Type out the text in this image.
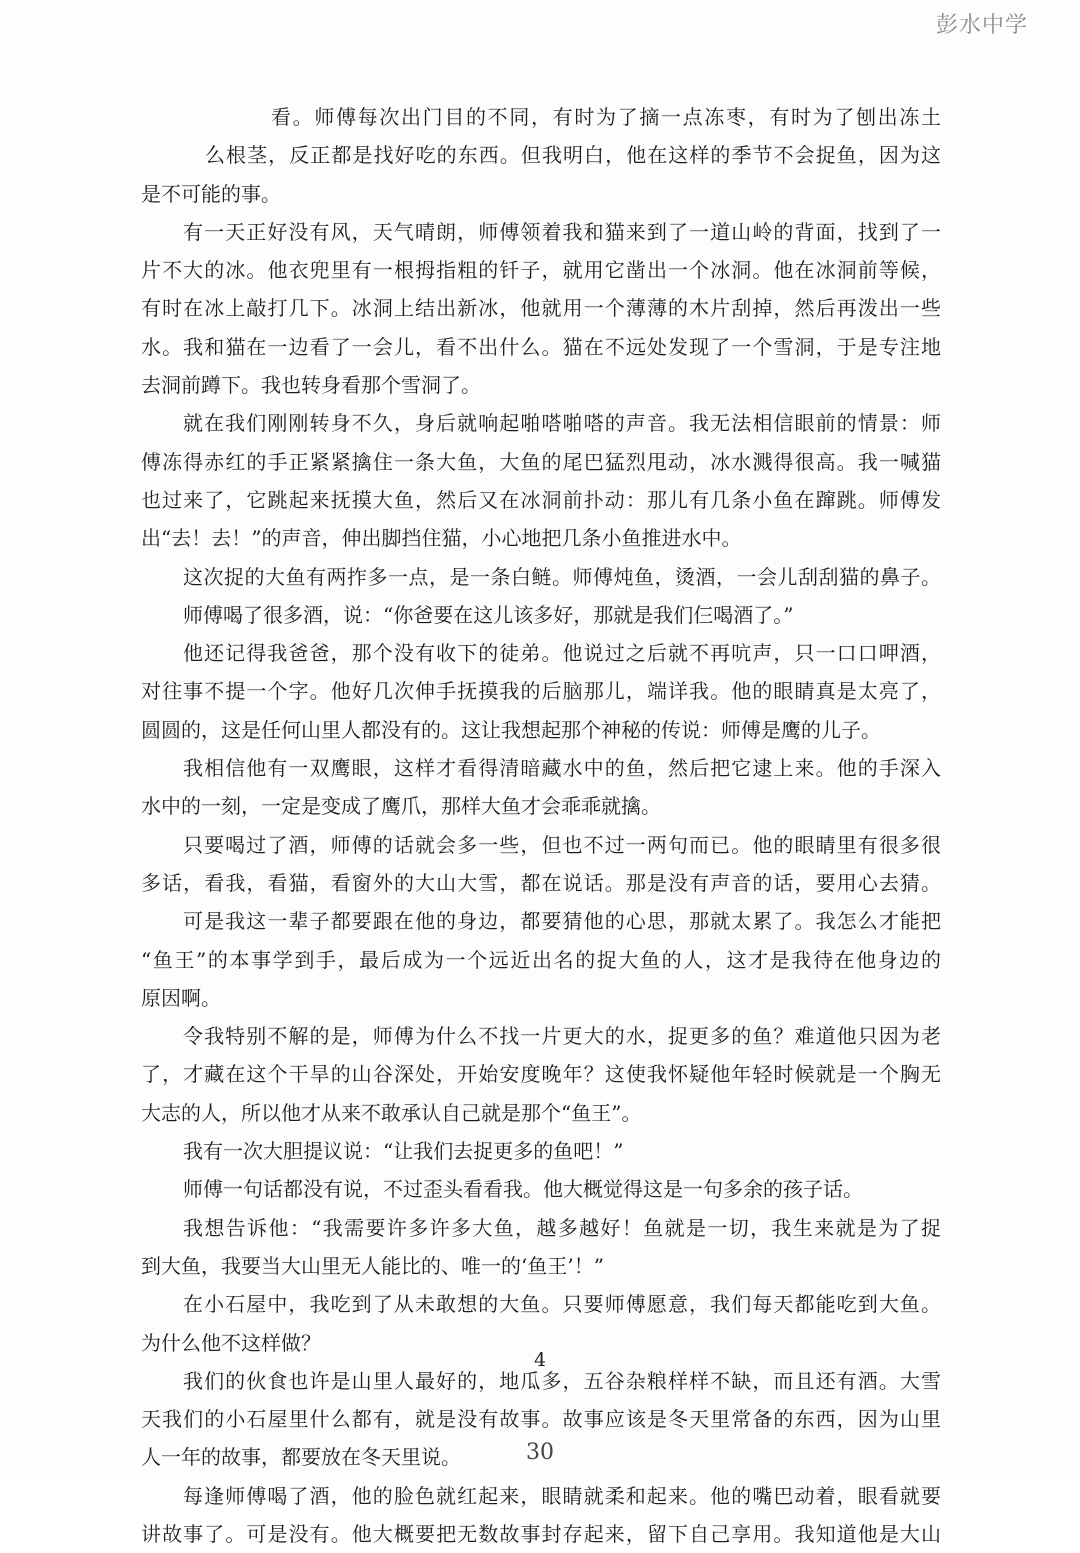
彭水中学
看。师傅每次出门目的不同，有时为了摘一点冻枣，有时为了刨出冻土
么根茎，反正都是找好吃的东西。但我明白，他在这样的季节不会捉鱼，因为这
是不可能的事。
有一天正好没有风，天气晴朗，师傅领着我和猫来到了一道山岭的背面，找到了一
片不大的冰。他衣兜里有一根拇指粗的钎子，就用它凿出一个冰洞。他在冰洞前等候，
有时在冰上敲打几下。冰洞上结出新冰，他就用一个薄薄的木片刮掉，然后再泼出一些
水。我和猫在一边看了一会儿，看不出什么。猫在不远处发现了一个雪洞，于是专注地
去洞前蹲下。我也转身看那个雪洞了。
就在我们刚刚转身不久，身后就响起啪嗒啪嗒的声音。我无法相信眼前的情景：师
傅冻得赤红的手正紧紧擒住一条大鱼，大鱼的尾巴猛烈甩动，冰水溅得很高。我一喊猫
也过来了，它跳起来抚摸大鱼，然后又在冰洞前扑动：那儿有几条小鱼在蹿跳。师傅发
出“去！去！”的声音，伸出脚挡住猫，小心地把几条小鱼推进水中。
这次捉的大鱼有两拃多一点，是一条白鲢。师傅炖鱼，烫酒，一会儿刮刮猫的鼻子。
师傅喝了很多酒，说：“你爸要在这儿该多好，那就是我们仨喝酒了。”
他还记得我爸爸，那个没有收下的徒弟。他说过之后就不再吭声，只一口口呷酒，
对往事不提一个字。他好几次伸手抚摸我的后脑那儿，端详我。他的眼睛真是太亮了，
圆圆的，这是任何山里人都没有的。这让我想起那个神秘的传说：师傅是鹰的儿子。
我相信他有一双鹰眼，这样才看得清暗藏水中的鱼，然后把它逮上来。他的手深入
水中的一刻，一定是变成了鹰爪，那样大鱼才会乖乖就擒。
只要喝过了酒，师傅的话就会多一些，但也不过一两句而已。他的眼睛里有很多很
多话，看我，看猫，看窗外的大山大雪，都在说话。那是没有声音的话，要用心去猜。
可是我这一辈子都要跟在他的身边，都要猜他的心思，那就太累了。我怎么才能把
“鱼王”的本事学到手，最后成为一个远近出名的捉大鱼的人，这才是我待在他身边的
原因啊。
令我特别不解的是，师傅为什么不找一片更大的水，捉更多的鱼？难道他只因为老
了，才藏在这个干旱的山谷深处，开始安度晚年？这使我怀疑他年轻时候就是一个胸无
大志的人，所以他才从来不敢承认自己就是那个“鱼王”。
我有一次大胆提议说：“让我们去捉更多的鱼吧！”
师傅一句话都没有说，不过歪头看看我。他大概觉得这是一句多余的孩子话。
我想告诉他：“我需要许多许多大鱼，越多越好！鱼就是一切，我生来就是为了捉
到大鱼，我要当大山里无人能比的、唯一的‘鱼王’！”
在小石屋中，我吃到了从未敢想的大鱼。只要师傅愿意，我们每天都能吃到大鱼。
为什么他不这样做？
我们的伙食也许是山里人最好的，地瓜多，五谷杂粮样样不缺，而且还有酒。大雪
天我们的小石屋里什么都有，就是没有故事。故事应该是冬天里常备的东西，因为山里
人一年的故事，都要放在冬天里说。
每逢师傅喝了酒，他的脸色就红起来，眼睛就柔和起来。他的嘴巴动着，眼看就要
讲故事了。可是没有。他大概要把无数故事封存起来，留下自己享用。我知道他是大山
4
30
